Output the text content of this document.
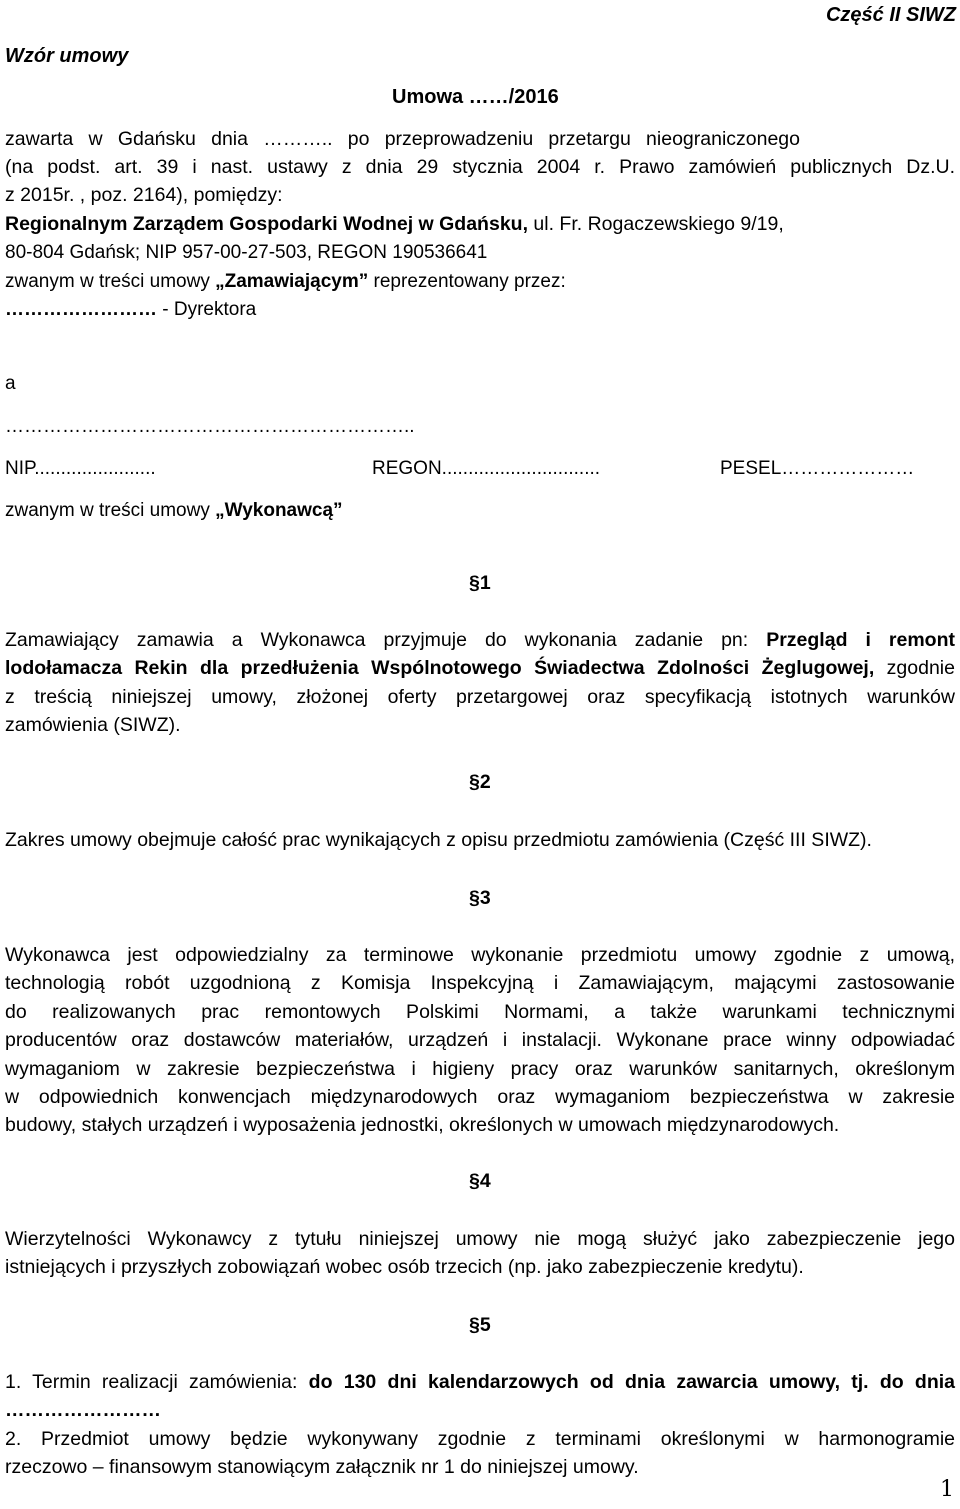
Wzór umowy
Część II SIWZ
Umowa ……/2016
zawarta w Gdańsku dnia ……….. po przeprowadzeniu przetargu nieograniczonego
(na podst. art. 39 i nast. ustawy z dnia 29 stycznia 2004 r. Prawo zamówień publicznych Dz.U.
z 2015r. , poz. 2164), pomiędzy:
Regionalnym Zarządem Gospodarki Wodnej w Gdańsku, ul. Fr. Rogaczewskiego 9/19,
80-804 Gdańsk; NIP 957-00-27-503, REGON 190536641
zwanym w treści umowy „Zamawiającym” reprezentowany przez:
…………………… - Dyrektora
a
………………………………………………………..
NIP.......................	REGON..............................	PESEL…………………
zwanym w treści umowy „Wykonawcą”
§1
Zamawiający zamawia a Wykonawca przyjmuje do wykonania zadanie pn: Przegląd i remont
lodołamacza Rekin dla przedłużenia Wspólnotowego Świadectwa Zdolności Żeglugowej, zgodnie
z treścią niniejszej umowy, złożonej oferty przetargowej oraz specyfikacją istotnych warunków
zamówienia (SIWZ).
§2
Zakres umowy obejmuje całość prac wynikających z opisu przedmiotu zamówienia (Część III SIWZ).
§3
Wykonawca jest odpowiedzialny za terminowe wykonanie przedmiotu umowy zgodnie z umową,
technologią robót uzgodnioną z Komisja Inspekcyjną i Zamawiającym, mającymi zastosowanie
do realizowanych prac remontowych Polskimi Normami, a także warunkami technicznymi
producentów oraz dostawców materiałów, urządzeń i instalacji. Wykonane prace winny odpowiadać
wymaganiom w zakresie bezpieczeństwa i higieny pracy oraz warunków sanitarnych, określonym
w odpowiednich konwencjach międzynarodowych oraz wymaganiom bezpieczeństwa w zakresie
budowy, stałych urządzeń i wyposażenia jednostki, określonych w umowach międzynarodowych.
§4
Wierzytelności Wykonawcy z tytułu niniejszej umowy nie mogą służyć jako zabezpieczenie jego
istniejących i przyszłych zobowiązań wobec osób trzecich (np. jako zabezpieczenie kredytu).
§5
1. Termin realizacji zamówienia: do 130 dni kalendarzowych od dnia zawarcia umowy, tj. do dnia
……………………
2. Przedmiot umowy będzie wykonywany zgodnie z terminami określonymi w harmonogramie
rzeczowo – finansowym stanowiącym załącznik nr 1 do niniejszej umowy.
1
